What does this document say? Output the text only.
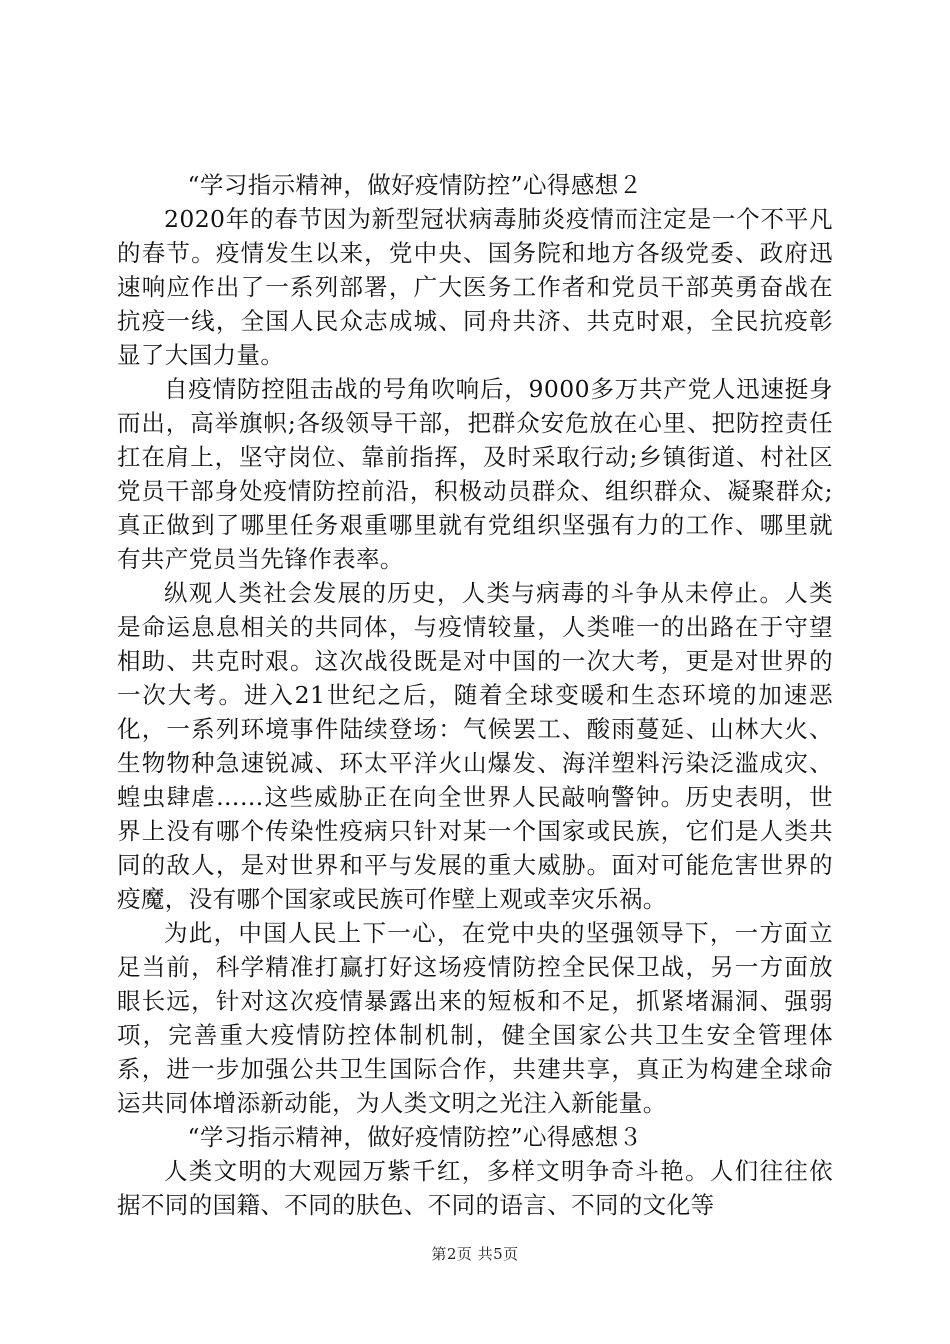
“学习指示精神，做好疫情防控”心得感想２

2020年的春节因为新型冠状病毒肺炎疫情而注定是一个不平凡的春节。疫情发生以来，党中央、国务院和地方各级党委、政府迅速响应作出了一系列部署，广大医务工作者和党员干部英勇奋战在抗疫一线，全国人民众志成城、同舟共济、共克时艰，全民抗疫彰显了大国力量。

自疫情防控阻击战的号角吹响后，9000多万共产党人迅速挺身而出，高举旗帜;各级领导干部，把群众安危放在心里、把防控责任扛在肩上，坚守岗位、靠前指挥，及时采取行动;乡镇街道、村社区党员干部身处疫情防控前沿，积极动员群众、组织群众、凝聚群众;真正做到了哪里任务艰重哪里就有党组织坚强有力的工作、哪里就有共产党员当先锋作表率。

纵观人类社会发展的历史，人类与病毒的斗争从未停止。人类是命运息息相关的共同体，与疫情较量，人类唯一的出路在于守望相助、共克时艰。这次战役既是对中国的一次大考，更是对世界的一次大考。进入21世纪之后，随着全球变暖和生态环境的加速恶化，一系列环境事件陆续登场：气候罢工、酸雨蔓延、山林大火、生物物种急速锐减、环太平洋火山爆发、海洋塑料污染泛滥成灾、蝗虫肆虐……这些威胁正在向全世界人民敲响警钟。历史表明，世界上没有哪个传染性疫病只针对某一个国家或民族，它们是人类共同的敌人，是对世界和平与发展的重大威胁。面对可能危害世界的疫魔，没有哪个国家或民族可作壁上观或幸灾乐祸。

为此，中国人民上下一心，在党中央的坚强领导下，一方面立足当前，科学精准打赢打好这场疫情防控全民保卫战，另一方面放眼长远，针对这次疫情暴露出来的短板和不足，抓紧堵漏洞、强弱项，完善重大疫情防控体制机制，健全国家公共卫生安全管理体系，进一步加强公共卫生国际合作，共建共享，真正为构建全球命运共同体增添新动能，为人类文明之光注入新能量。

“学习指示精神，做好疫情防控”心得感想３

人类文明的大观园万紫千红，多样文明争奇斗艳。人们往往依据不同的国籍、不同的肤色、不同的语言、不同的文化等

第2页 共5页
